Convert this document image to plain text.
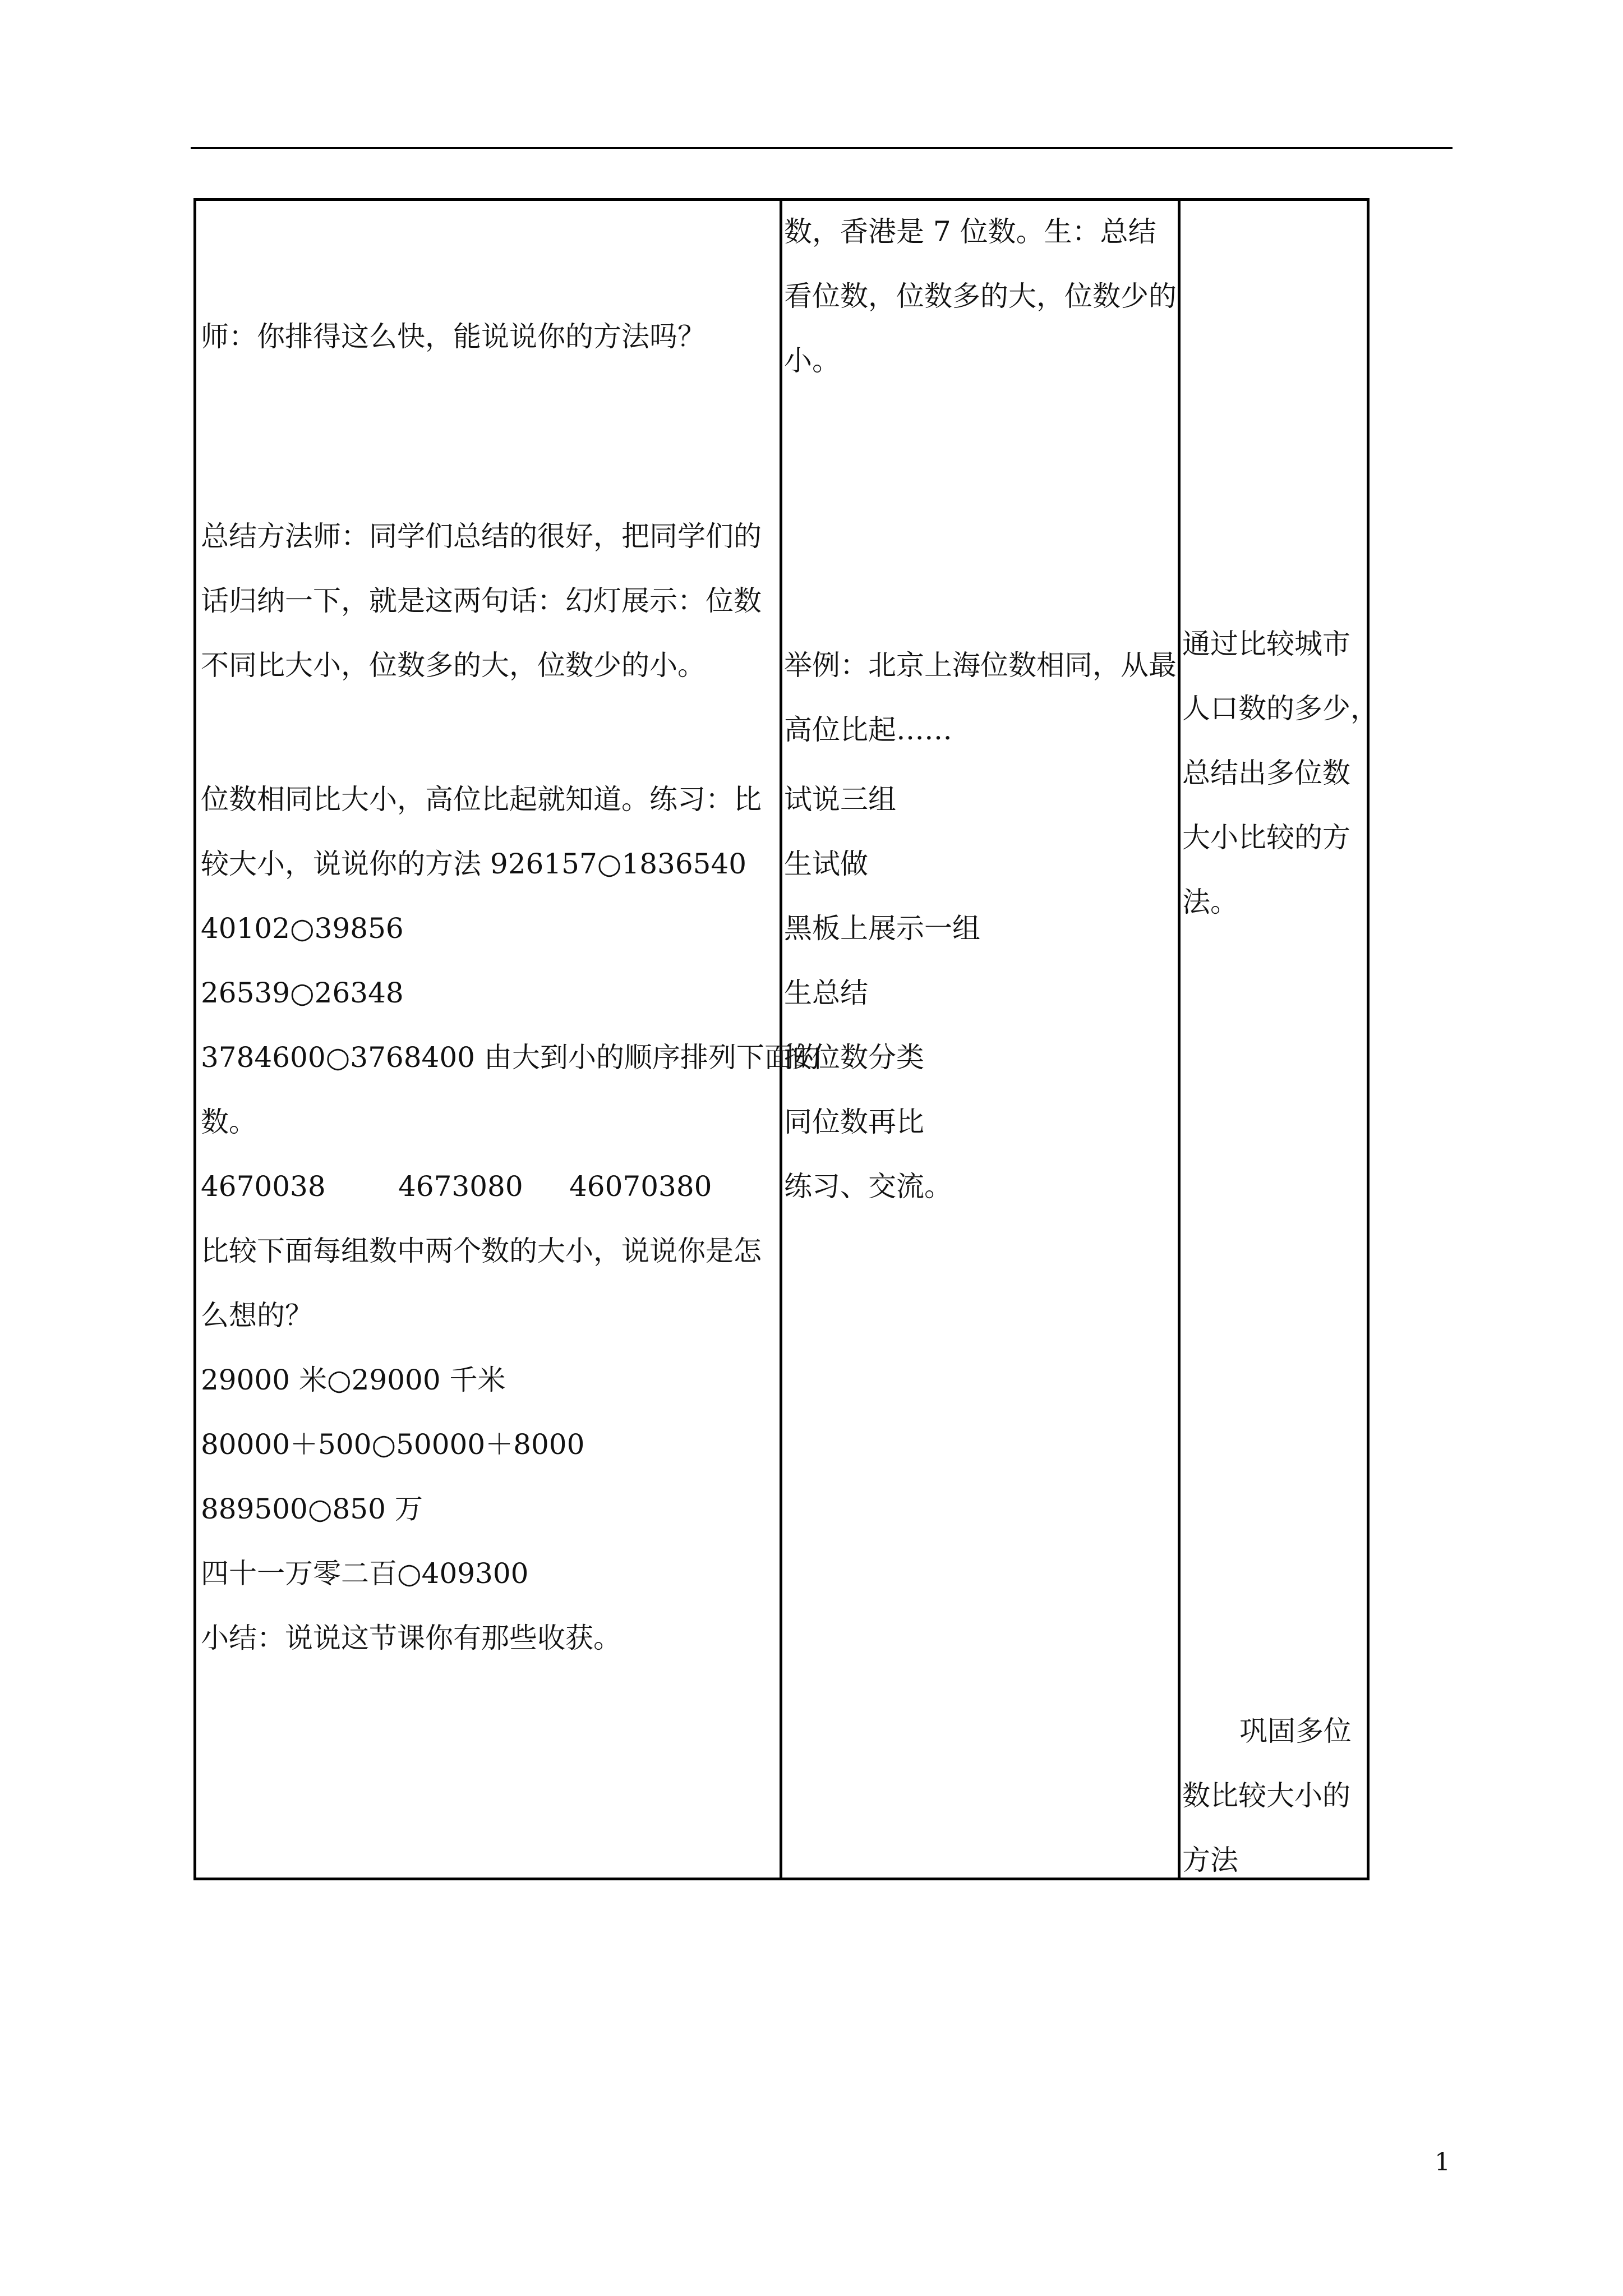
师：你排得这么快，能说说你的方法吗？
总结方法师：同学们总结的很好，把同学们的
话归纳一下，就是这两句话：幻灯展示：位数
不同比大小，位数多的大，位数少的小。
位数相同比大小，高位比起就知道。练习：比
较大小，说说你的方法 926157○1836540
40102○39856
26539○26348
3784600○3768400 由大到小的顺序排列下面的
数。
4670038	4673080 46070380
比较下面每组数中两个数的大小，说说你是怎
么想的？
29000 米○29000 千米
80000＋500○50000＋8000
889500○850 万
四十一万零二百○409300
小结：说说这节课你有那些收获。
数，香港是 7 位数。生：总结
看位数，位数多的大，位数少的
小。
举例：北京上海位数相同，从最
高位比起……
试说三组
生试做
黑板上展示一组
生总结
按位数分类
同位数再比
练习、交流。
通过比较城市
人口数的多少，
总结出多位数
大小比较的方
法。
巩固多位
数比较大小的
方法
1
